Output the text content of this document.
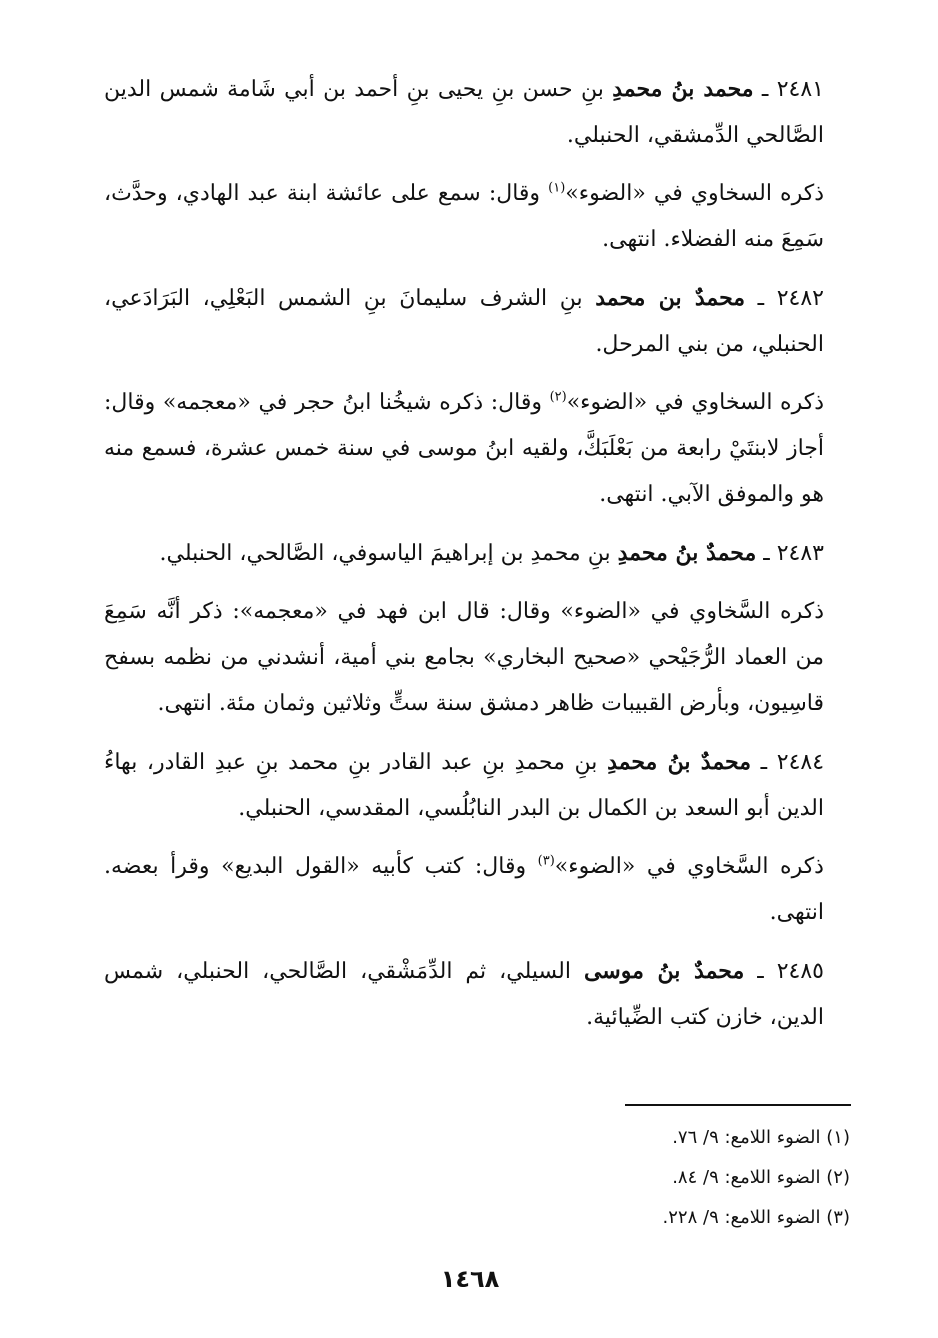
٢٤٨١ ـ محمد بنُ محمدِ بنِ حسن بنِ يحيى بنِ أحمد بن أبي شَامة شمس الدين الصَّالحي الدِّمشقي، الحنبلي.

ذكره السخاوي في «الضوء»$^{(١)}$ وقال: سمع على عائشة ابنة عبد الهادي، وحدَّث، سَمِعَ منه الفضلاء. انتهى.

٢٤٨٢ ـ محمدٌ بن محمد بنِ الشرف سليمانَ بنِ الشمس البَعْلِي، البَرَادَعي، الحنبلي، من بني المرحل.

ذكره السخاوي في «الضوء»$^{(٢)}$ وقال: ذكره شيخُنا ابنُ حجر في «معجمه» وقال: أجاز لابنتَيْ رابعة من بَعْلَبَكَّ، ولقيه ابنُ موسى في سنة خمس عشرة، فسمع منه هو والموفق الآبي. انتهى.

٢٤٨٣ ـ محمدٌ بنُ محمدِ بنِ محمدِ بن إبراهيمَ الياسوفي، الصَّالحي، الحنبلي.

ذكره السَّخاوي في «الضوء» وقال: قال ابن فهد في «معجمه»: ذكر أنَّه سَمِعَ من العماد الرُّجَيْحي «صحيح البخاري» بجامع بني أمية، أنشدني من نظمه بسفح قاسِيون، وبأرض القبيبات ظاهر دمشق سنة ستٍّ وثلاثين وثمان مئة. انتهى.

٢٤٨٤ ـ محمدٌ بنُ محمدِ بنِ محمدِ بنِ عبد القادر بنِ محمد بنِ عبدِ القادر، بهاءُ الدين أبو السعد بن الكمال بن البدر النابُلُسي، المقدسي، الحنبلي.

ذكره السَّخاوي في «الضوء»$^{(٣)}$ وقال: كتب كأبيه «القول البديع» وقرأ بعضه. انتهى.

٢٤٨٥ ـ محمدٌ بنُ موسى السيلي، ثم الدِّمَشْقي، الصَّالحي، الحنبلي، شمس الدين، خازن كتب الضِّيائية.

(١) الضوء اللامع: ٩/ ٧٦.
(٢) الضوء اللامع: ٩/ ٨٤.
(٣) الضوء اللامع: ٩/ ٢٢٨.
١٤٦٨
